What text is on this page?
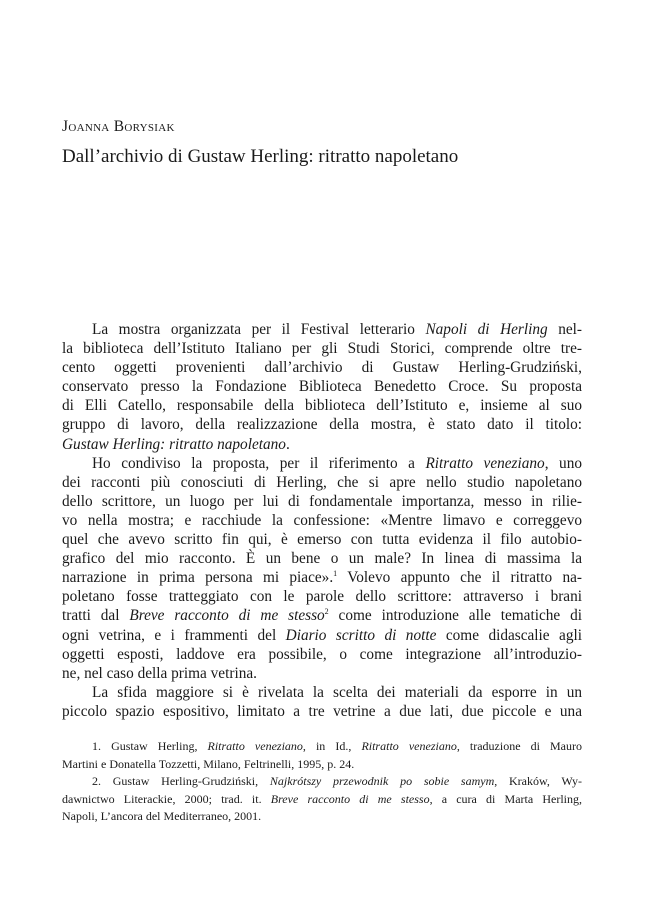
Joanna Borysiak
Dall’archivio di Gustaw Herling: ritratto napoletano
La mostra organizzata per il Festival letterario Napoli di Herling nel-
la biblioteca dell’Istituto Italiano per gli Studi Storici, comprende oltre tre-
cento oggetti provenienti dall’archivio di Gustaw Herling-Grudziński,
conservato presso la Fondazione Biblioteca Benedetto Croce. Su proposta
di Elli Catello, responsabile della biblioteca dell’Istituto e, insieme al suo
gruppo di lavoro, della realizzazione della mostra, è stato dato il titolo:
Gustaw Herling: ritratto napoletano.
Ho condiviso la proposta, per il riferimento a Ritratto veneziano, uno
dei racconti più conosciuti di Herling, che si apre nello studio napoletano
dello scrittore, un luogo per lui di fondamentale importanza, messo in rilie-
vo nella mostra; e racchiude la confessione: «Mentre limavo e correggevo
quel che avevo scritto fin qui, è emerso con tutta evidenza il filo autobio-
grafico del mio racconto. È un bene o un male? In linea di massima la
narrazione in prima persona mi piace».$^1$ Volevo appunto che il ritratto na-
poletano fosse tratteggiato con le parole dello scrittore: attraverso i brani
tratti dal Breve racconto di me stesso$^2$ come introduzione alle tematiche di
ogni vetrina, e i frammenti del Diario scritto di notte come didascalie agli
oggetti esposti, laddove era possibile, o come integrazione all’introduzio-
ne, nel caso della prima vetrina.
La sfida maggiore si è rivelata la scelta dei materiali da esporre in un
piccolo spazio espositivo, limitato a tre vetrine a due lati, due piccole e una
1. Gustaw Herling, Ritratto veneziano, in Id., Ritratto veneziano, traduzione di Mauro
Martini e Donatella Tozzetti, Milano, Feltrinelli, 1995, p. 24.
2. Gustaw Herling-Grudziński, Najkrótszy przewodnik po sobie samym, Kraków, Wy-
dawnictwo Literackie, 2000; trad. it. Breve racconto di me stesso, a cura di Marta Herling,
Napoli, L’ancora del Mediterraneo, 2001.
